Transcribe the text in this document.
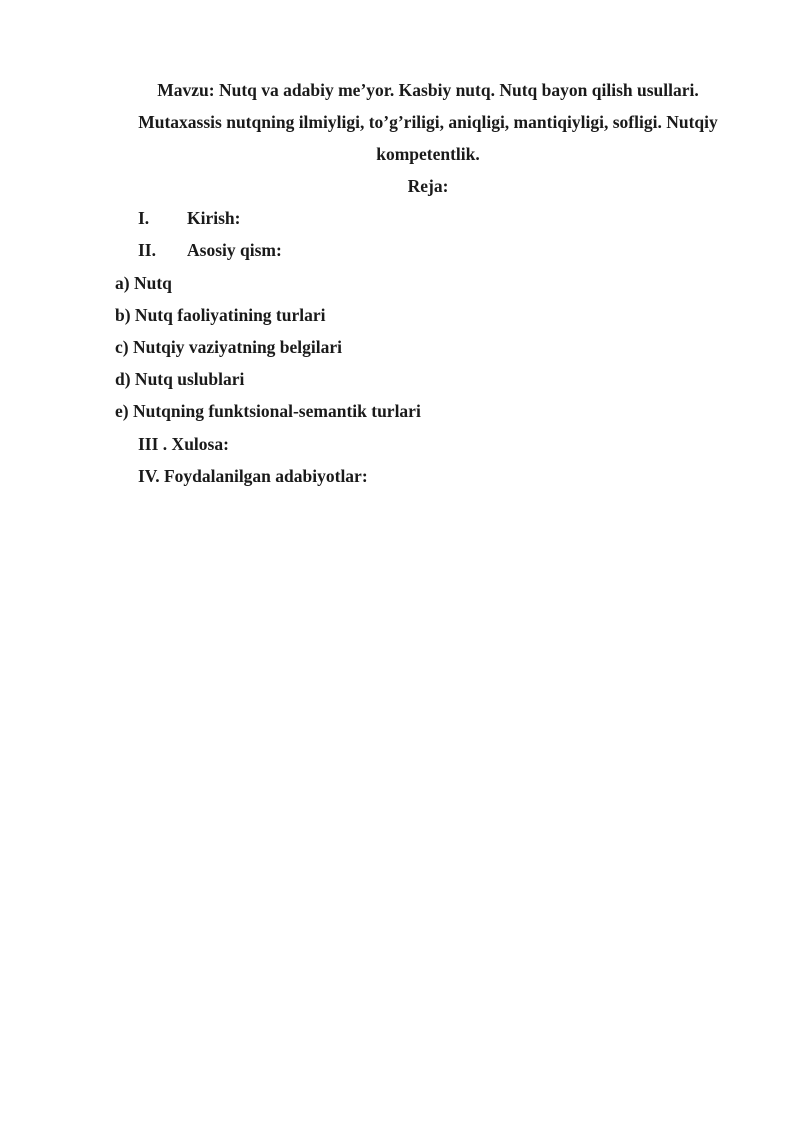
Mavzu: Nutq va adabiy me’yor. Kasbiy nutq. Nutq bayon qilish usullari.
Mutaxassis nutqning ilmiyligi, to’g’riligi, aniqligi, mantiqiyligi, sofligi. Nutqiy
kompetentlik.
Reja:
I. Kirish:
II. Asosiy qism:
a) Nutq
b) Nutq faoliyatining turlari
c) Nutqiy vaziyatning belgilari
d) Nutq uslublari
e) Nutqning funktsional-semantik turlari
III . Xulosa:
IV. Foydalanilgan adabiyotlar:
